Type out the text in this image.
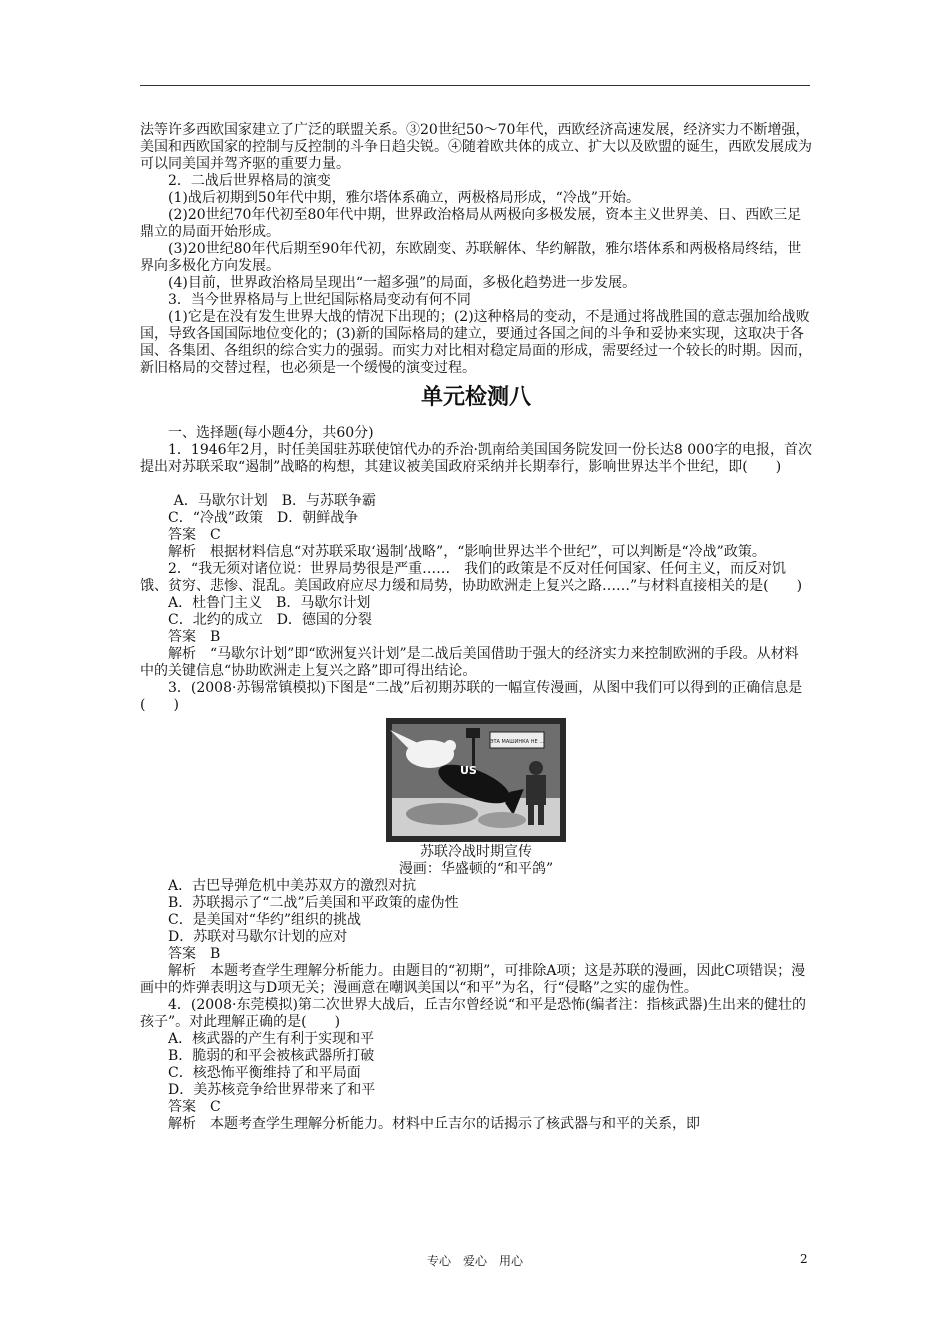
法等许多西欧国家建立了广泛的联盟关系。③20世纪50～70年代，西欧经济高速发展，经济实力不断增强，美国和西欧国家的控制与反控制的斗争日趋尖锐。④随着欧共体的成立、扩大以及欧盟的诞生，西欧发展成为可以同美国并驾齐驱的重要力量。

2．二战后世界格局的演变

(1)战后初期到50年代中期，雅尔塔体系确立，两极格局形成，“冷战”开始。

(2)20世纪70年代初至80年代中期，世界政治格局从两极向多极发展，资本主义世界美、日、西欧三足鼎立的局面开始形成。

(3)20世纪80年代后期至90年代初，东欧剧变、苏联解体、华约解散，雅尔塔体系和两极格局终结，世界向多极化方向发展。

(4)目前，世界政治格局呈现出“一超多强”的局面，多极化趋势进一步发展。

3．当今世界格局与上世纪国际格局变动有何不同

(1)它是在没有发生世界大战的情况下出现的；(2)这种格局的变动，不是通过将战胜国的意志强加给战败国，导致各国国际地位变化的；(3)新的国际格局的建立，要通过各国之间的斗争和妥协来实现，这取决于各国、各集团、各组织的综合实力的强弱。而实力对比相对稳定局面的形成，需要经过一个较长的时期。因而，新旧格局的交替过程，也必须是一个缓慢的演变过程。

单元检测八

一、选择题(每小题4分，共60分)

1．1946年2月，时任美国驻苏联使馆代办的乔治·凯南给美国国务院发回一份长达8 000字的电报，首次提出对苏联采取“遏制”战略的构想，其建议被美国政府采纳并长期奉行，影响世界达半个世纪，即(　　)

A．马歇尔计划　B．与苏联争霸

C．“冷战”政策　D．朝鲜战争

答案　C

解析　根据材料信息“对苏联采取‘遏制’战略”，“影响世界达半个世纪”，可以判断是“冷战”政策。

2．“我无须对诸位说：世界局势很是严重……　我们的政策是不反对任何国家、任何主义，而反对饥饿、贫穷、悲惨、混乱。美国政府应尽力缓和局势，协助欧洲走上复兴之路……”与材料直接相关的是(　　)

A．杜鲁门主义　B．马歇尔计划

C．北约的成立　D．德国的分裂

答案　B

解析　“马歇尔计划”即“欧洲复兴计划”是二战后美国借助于强大的经济实力来控制欧洲的手段。从材料中的关键信息“协助欧洲走上复兴之路”即可得出结论。

3．(2008·苏锡常镇模拟)下图是“二战”后初期苏联的一幅宣传漫画，从图中我们可以得到的正确信息是(　　)

ЭТА МАШИНКА НЕ ...
US

苏联冷战时期宣传

漫画：华盛顿的“和平鸽”

A．古巴导弹危机中美苏双方的激烈对抗

B．苏联揭示了“二战”后美国和平政策的虚伪性

C．是美国对“华约”组织的挑战

D．苏联对马歇尔计划的应对

答案　B

解析　本题考查学生理解分析能力。由题目的“初期”，可排除A项；这是苏联的漫画，因此C项错误；漫画中的炸弹表明这与D项无关；漫画意在嘲讽美国以“和平”为名，行“侵略”之实的虚伪性。

4．(2008·东莞模拟)第二次世界大战后，丘吉尔曾经说“和平是恐怖(编者注：指核武器)生出来的健壮的孩子”。对此理解正确的是(　　)

A．核武器的产生有利于实现和平

B．脆弱的和平会被核武器所打破

C．核恐怖平衡维持了和平局面

D．美苏核竞争给世界带来了和平

答案　C

解析　本题考查学生理解分析能力。材料中丘吉尔的话揭示了核武器与和平的关系，即

专心　爱心　用心	2
